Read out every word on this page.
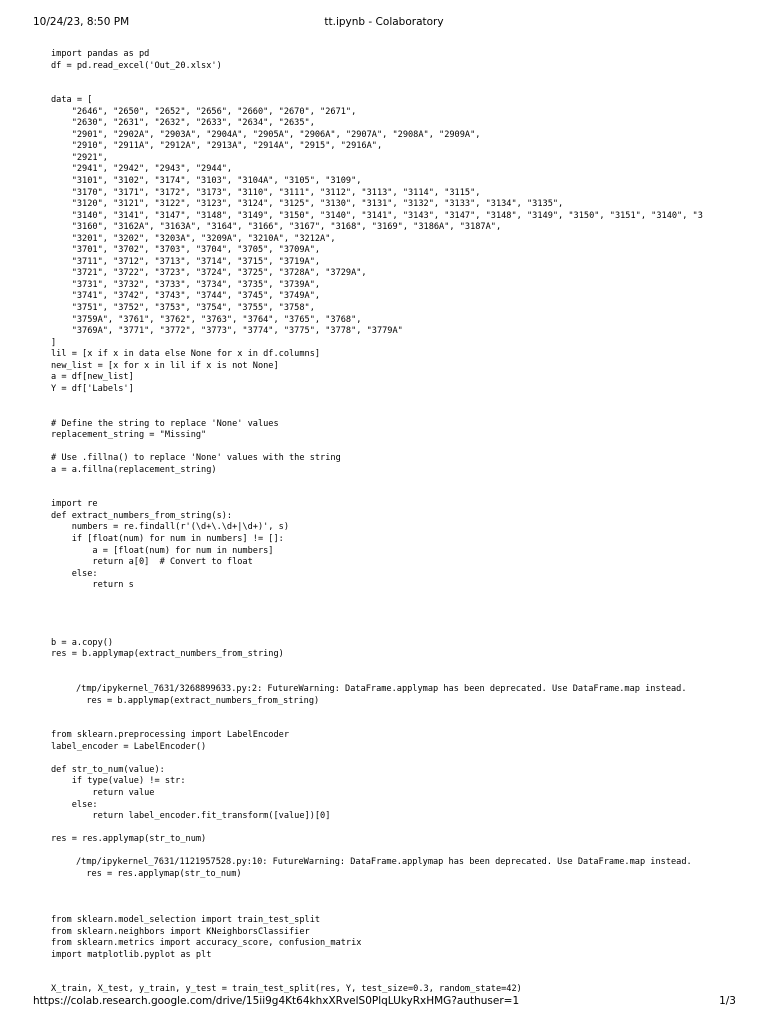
10/24/23, 8:50 PM	tt.ipynb - Colaboratory
import pandas as pd
df = pd.read_excel('Out_20.xlsx')
data = [
"2646", "2650", "2652", "2656", "2660", "2670", "2671",
"2630", "2631", "2632", "2633", "2634", "2635",
"2901", "2902A", "2903A", "2904A", "2905A", "2906A", "2907A", "2908A", "2909A",
"2910", "2911A", "2912A", "2913A", "2914A", "2915", "2916A",
"2921",
"2941", "2942", "2943", "2944",
"3101", "3102", "3174", "3103", "3104A", "3105", "3109",
"3170", "3171", "3172", "3173", "3110", "3111", "3112", "3113", "3114", "3115",
"3120", "3121", "3122", "3123", "3124", "3125", "3130", "3131", "3132", "3133", "3134", "3135",
"3140", "3141", "3147", "3148", "3149", "3150", "3140", "3141", "3143", "3147", "3148", "3149", "3150", "3151", "3140", "3
"3160", "3162A", "3163A", "3164", "3166", "3167", "3168", "3169", "3186A", "3187A",
"3201", "3202", "3203A", "3209A", "3210A", "3212A",
"3701", "3702", "3703", "3704", "3705", "3709A",
"3711", "3712", "3713", "3714", "3715", "3719A",
"3721", "3722", "3723", "3724", "3725", "3728A", "3729A",
"3731", "3732", "3733", "3734", "3735", "3739A",
"3741", "3742", "3743", "3744", "3745", "3749A",
"3751", "3752", "3753", "3754", "3755", "3758",
"3759A", "3761", "3762", "3763", "3764", "3765", "3768",
"3769A", "3771", "3772", "3773", "3774", "3775", "3778", "3779A"
]
lil = [x if x in data else None for x in df.columns]
new_list = [x for x in lil if x is not None]
a = df[new_list]
Y = df['Labels']
# Define the string to replace 'None' values
replacement_string = "Missing"
# Use .fillna() to replace 'None' values with the string
a = a.fillna(replacement_string)
import re
def extract_numbers_from_string(s):
numbers = re.findall(r'(\d+\.\d+|\d+)', s)
if [float(num) for num in numbers] != []:
a = [float(num) for num in numbers]
return a[0]  # Convert to float
else:
return s
b = a.copy()
res = b.applymap(extract_numbers_from_string)
/tmp/ipykernel_7631/3268899633.py:2: FutureWarning: DataFrame.applymap has been deprecated. Use DataFrame.map instead.
res = b.applymap(extract_numbers_from_string)
from sklearn.preprocessing import LabelEncoder
label_encoder = LabelEncoder()
def str_to_num(value):
if type(value) != str:
return value
else:
return label_encoder.fit_transform([value])[0]
res = res.applymap(str_to_num)
/tmp/ipykernel_7631/1121957528.py:10: FutureWarning: DataFrame.applymap has been deprecated. Use DataFrame.map instead.
res = res.applymap(str_to_num)
from sklearn.model_selection import train_test_split
from sklearn.neighbors import KNeighborsClassifier
from sklearn.metrics import accuracy_score, confusion_matrix
import matplotlib.pyplot as plt
X_train, X_test, y_train, y_test = train_test_split(res, Y, test_size=0.3, random_state=42)
https://colab.research.google.com/drive/15ii9g4Kt64khxXRvelS0PlqLUkyRxHMG?authuser=1	1/3
